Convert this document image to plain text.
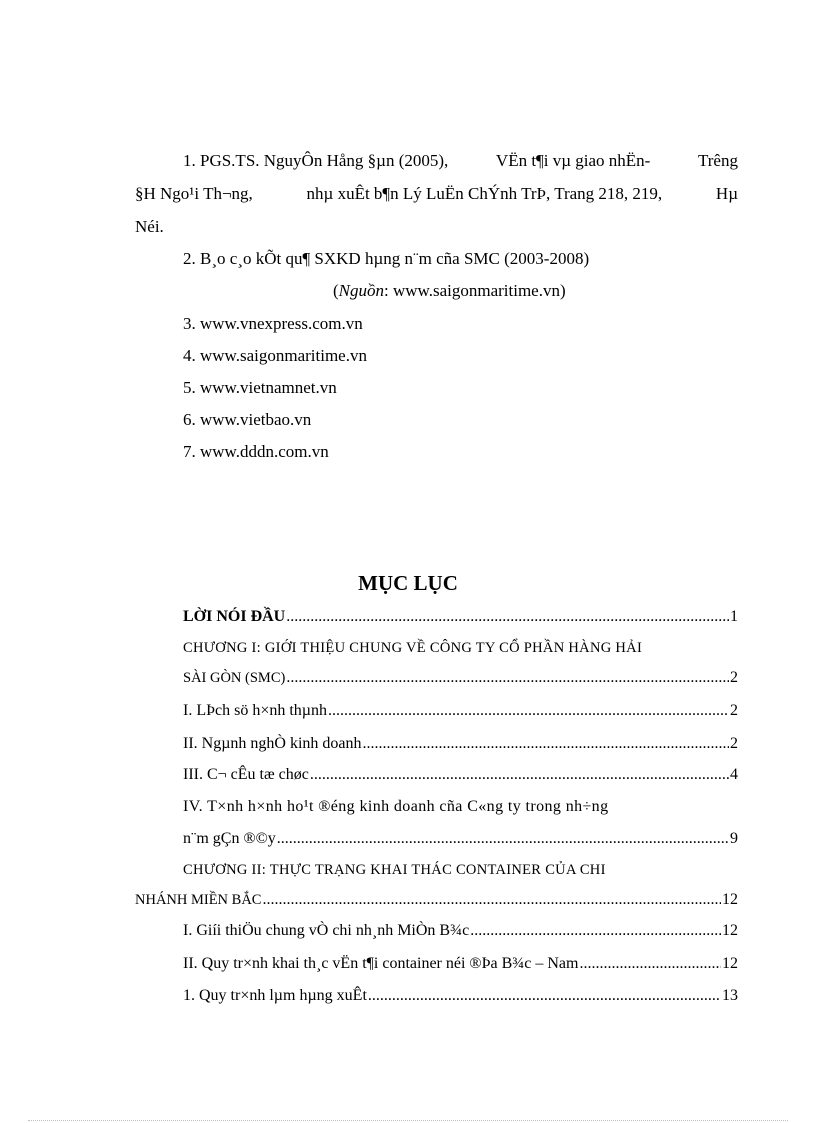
1. PGS.TS. NguyÔn Hång §µn (2005),	VËn t¶i vµ giao nhËn-	Trêng
§H Ngo¹i Th¬ng,	nhµ xuÊt b¶n Lý LuËn ChÝnh TrÞ, Trang 218, 219,	Hµ
Néi.
2. B¸o c¸o kÕt qu¶ SXKD hµng n¨m cña SMC (2003-2008)
(Nguồn: www.saigonmaritime.vn)
3. www.vnexpress.com.vn
4. www.saigonmaritime.vn
5. www.vietnamnet.vn
6. www.vietbao.vn
7. www.dddn.com.vn
MỤC LỤC
LỜI NÓI ĐẦU .....	1
CHƯƠNG I: GIỚI THIỆU CHUNG VỀ CÔNG TY CỔ PHẦN HÀNG HẢI
SÀI GÒN (SMC) .....	2
I. LÞch sö h×nh thµnh .....	2
II. Ngµnh nghÒ kinh doanh .....	2
III. C¬ cÊu tæ chøc .....	4
IV. T×nh h×nh ho¹t ®éng kinh doanh cña C«ng ty trong nh÷ng
n¨m gÇn ®©y .....	9
CHƯƠNG II: THỰC TRẠNG KHAI THÁC CONTAINER CỦA CHI
NHÁNH MIỀN BẮC .....	12
I. Giíi thiÖu chung vÒ chi nh¸nh MiÒn B¾c .....	12
II. Quy tr×nh khai th¸c vËn t¶i container néi ®Þa B¾c – Nam .....	12
1. Quy tr×nh lµm hµng xuÊt .....	13
